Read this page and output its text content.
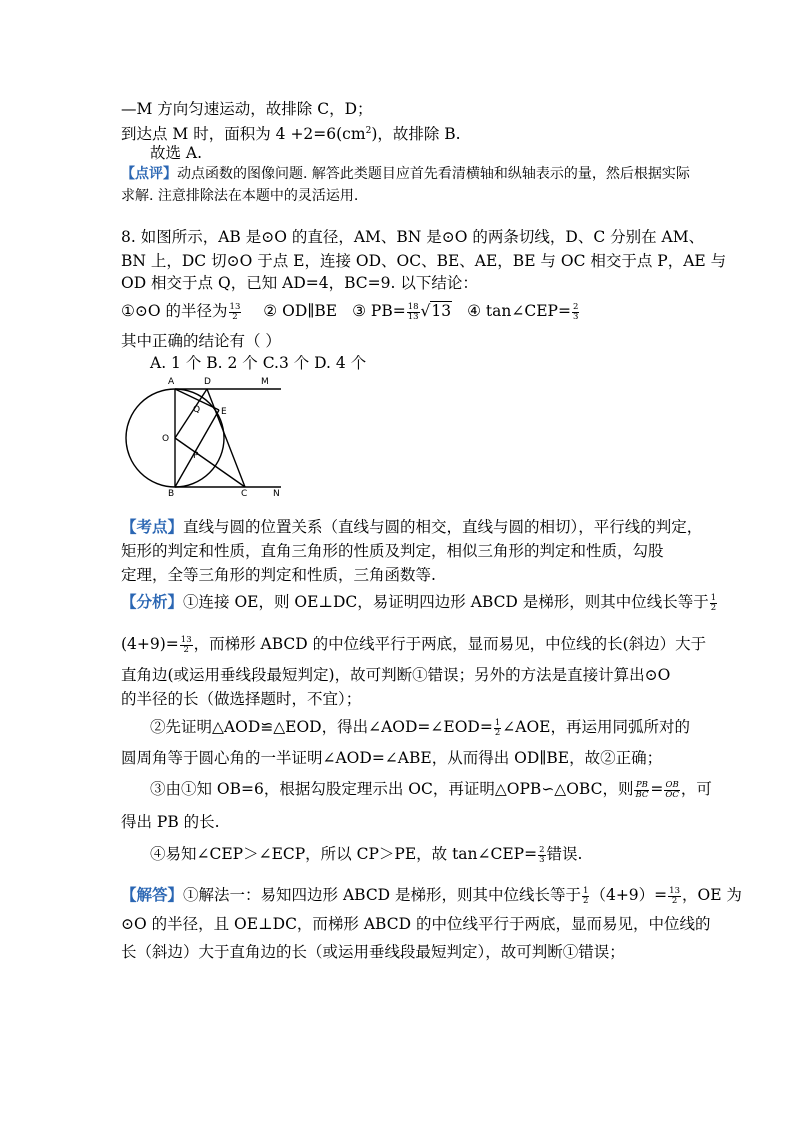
—M 方向匀速运动，故排除 C，D；
到达点 M 时，面积为 $4 +2=6(cm^2)$，故排除 B.
故选 A.
【点评】动点函数的图像问题. 解答此类题目应首先看清横轴和纵轴表示的量，然后根据实际
求解. 注意排除法在本题中的灵活运用.
8. 如图所示，AB 是⊙O 的直径，AM、BN 是⊙O 的两条切线，D、C 分别在 AM、
BN 上，DC 切⊙O 于点 E，连接 OD、OC、BE、AE，BE 与 OC 相交于点 P，AE 与
OD 相交于点 Q，已知 AD=4，BC=9. 以下结论：
①⊙O 的半径为 $\frac{13}{2}$ ② OD∥BE ③ $PB= \frac{18}{13} √13$ ④ tan∠CEP= $\frac{2}{3}$
其中正确的结论有（ ）
A. 1 个 B. 2 个 C.3 个 D. 4 个
A	D	M
Q E
O
P
B	C	N
【考点】直线与圆的位置关系（直线与圆的相交，直线与圆的相切），平行线的判定，
矩形的判定和性质，直角三角形的性质及判定，相似三角形的判定和性质，勾股
定理，全等三角形的判定和性质，三角函数等.
【分析】①连接 OE，则 OE⊥DC，易证明四边形 ABCD 是梯形，则其中位线长等于 $\frac{1}{2}$
$(4+9)= \frac{13}{2}$ ，而梯形 ABCD 的中位线平行于两底，显而易见，中位线的长(斜边）大于
直角边(或运用垂线段最短判定)，故可判断①错误；另外的方法是直接计算出⊙O
的半径的长（做选择题时，不宜）；
②先证明△AOD≌△EOD，得出∠AOD=∠EOD= $\frac{1}{2}$ ∠AOE，再运用同弧所对的
圆周角等于圆心角的一半证明∠AOD=∠ABE，从而得出 OD∥BE，故②正确；
③由①知 OB=6，根据勾股定理示出 OC，再证明△OPB∽△OBC，则 $\frac{PB}{BC} = \frac{OB}{OC}$ ，可
得出 PB 的长.
④易知∠CEP＞∠ECP，所以 CP＞PE，故 tan∠CEP= $\frac{2}{3}$ 错误.
【解答】①解法一：易知四边形 ABCD 是梯形，则其中位线长等于 $\frac{1}{2} (4+9)= \frac{13}{2}$ ，OE 为
⊙O 的半径，且 OE⊥DC，而梯形 ABCD 的中位线平行于两底，显而易见，中位线的
长（斜边）大于直角边的长（或运用垂线段最短判定），故可判断①错误；
